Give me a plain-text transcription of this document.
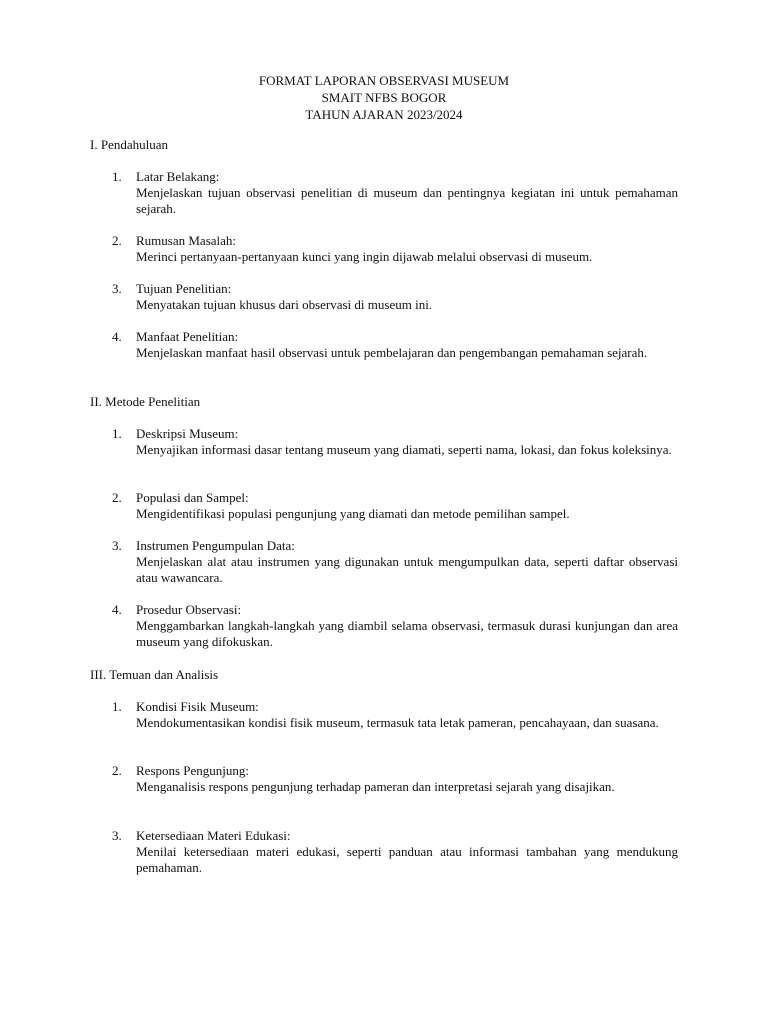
FORMAT LAPORAN OBSERVASI MUSEUM
SMAIT NFBS BOGOR
TAHUN AJARAN 2023/2024
I. Pendahuluan
1. Latar Belakang:
Menjelaskan tujuan observasi penelitian di museum dan pentingnya kegiatan ini untuk pemahaman sejarah.
2. Rumusan Masalah:
Merinci pertanyaan-pertanyaan kunci yang ingin dijawab melalui observasi di museum.
3. Tujuan Penelitian:
Menyatakan tujuan khusus dari observasi di museum ini.
4. Manfaat Penelitian:
Menjelaskan manfaat hasil observasi untuk pembelajaran dan pengembangan pemahaman sejarah.
II. Metode Penelitian
1. Deskripsi Museum:
Menyajikan informasi dasar tentang museum yang diamati, seperti nama, lokasi, dan fokus koleksinya.
2. Populasi dan Sampel:
Mengidentifikasi populasi pengunjung yang diamati dan metode pemilihan sampel.
3. Instrumen Pengumpulan Data:
Menjelaskan alat atau instrumen yang digunakan untuk mengumpulkan data, seperti daftar observasi atau wawancara.
4. Prosedur Observasi:
Menggambarkan langkah-langkah yang diambil selama observasi, termasuk durasi kunjungan dan area museum yang difokuskan.
III. Temuan dan Analisis
1. Kondisi Fisik Museum:
Mendokumentasikan kondisi fisik museum, termasuk tata letak pameran, pencahayaan, dan suasana.
2. Respons Pengunjung:
Menganalisis respons pengunjung terhadap pameran dan interpretasi sejarah yang disajikan.
3. Ketersediaan Materi Edukasi:
Menilai ketersediaan materi edukasi, seperti panduan atau informasi tambahan yang mendukung pemahaman.
